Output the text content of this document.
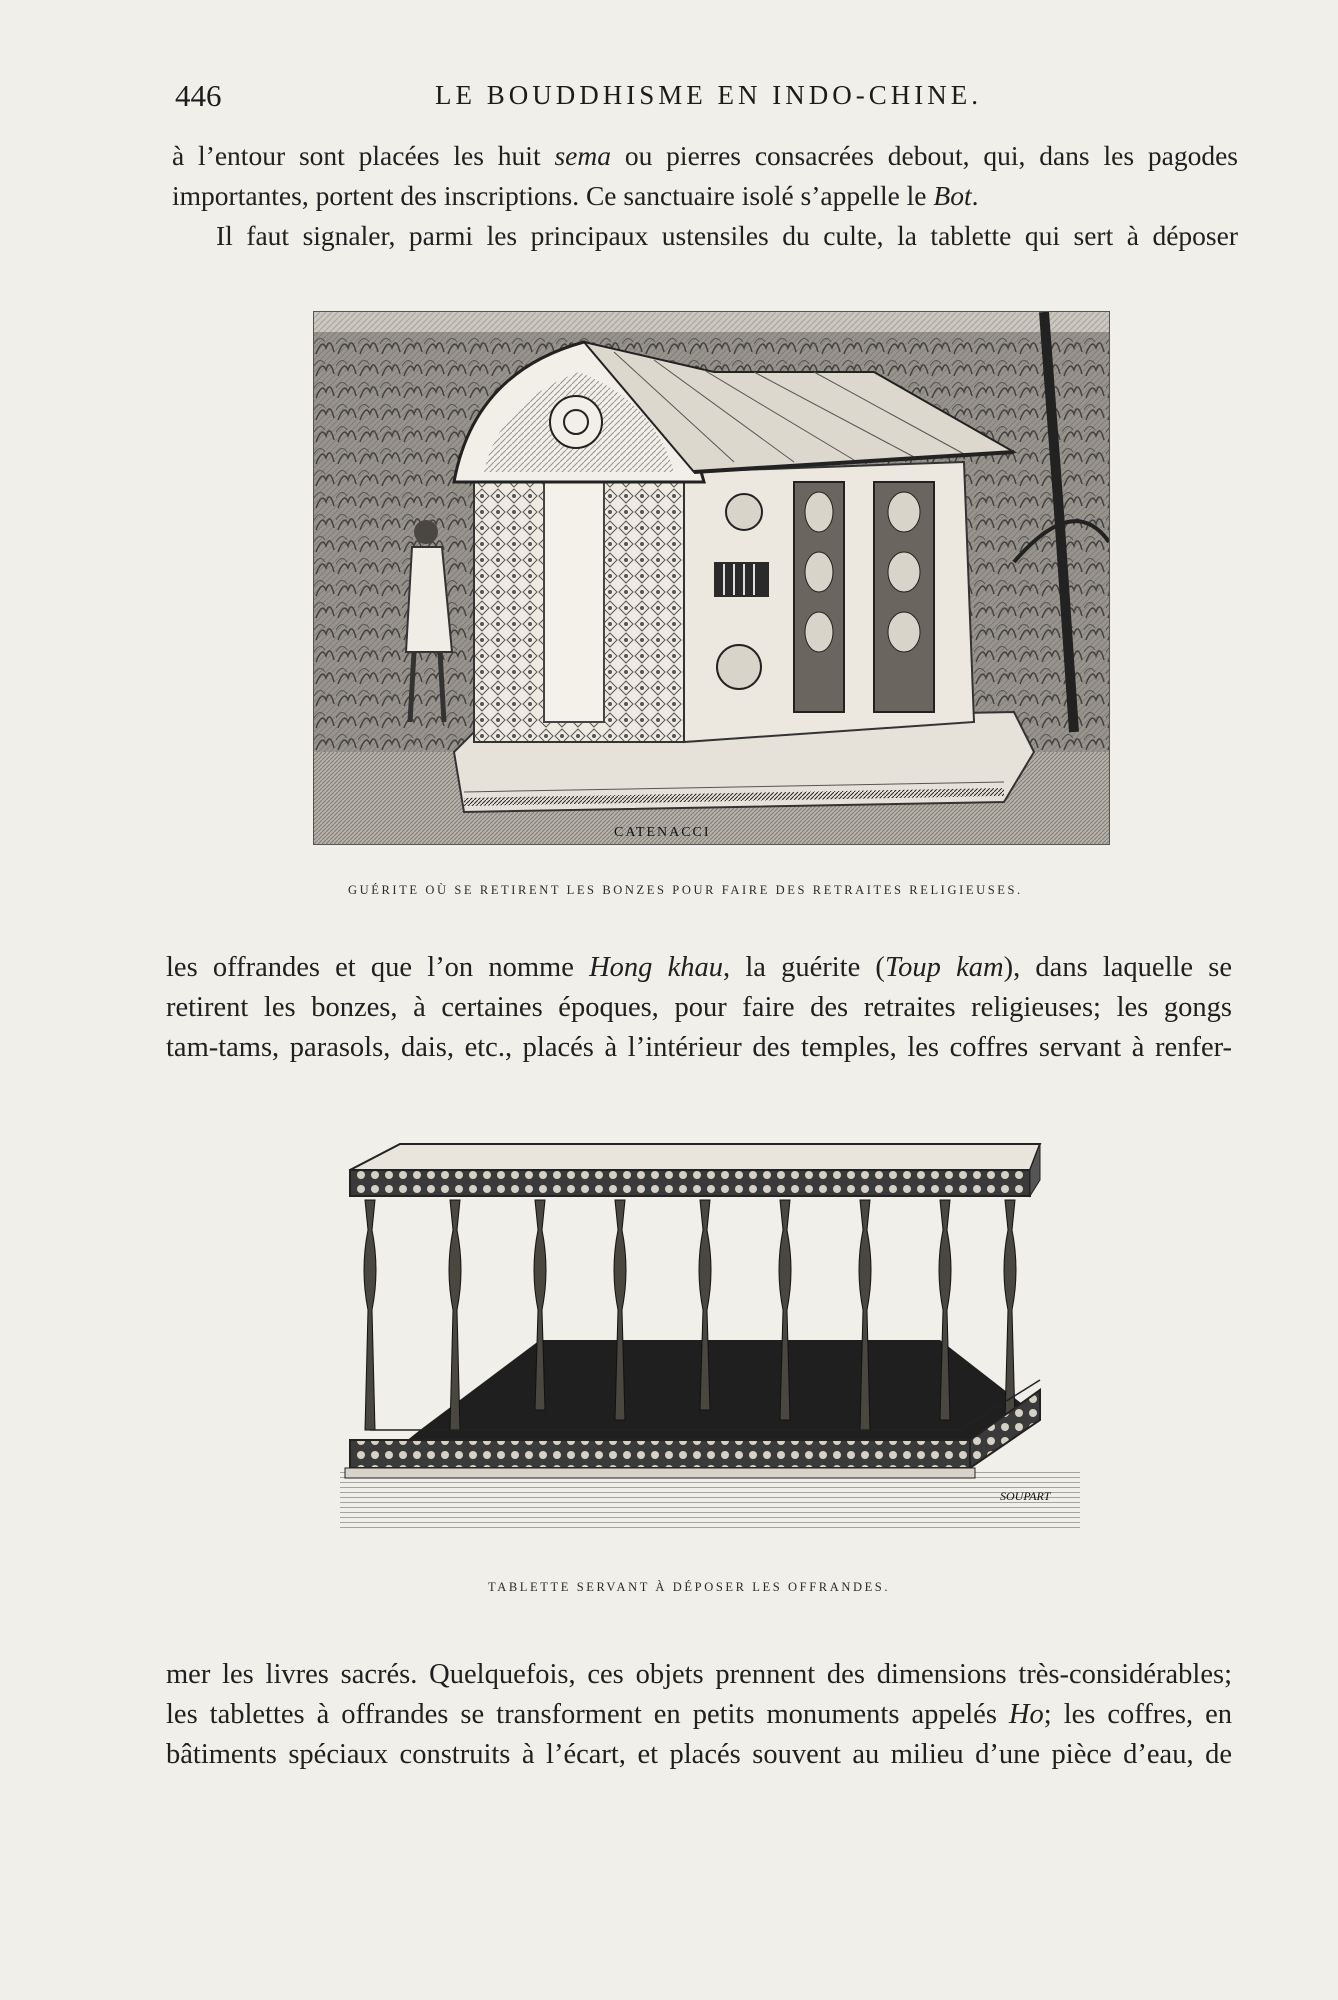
446	LE BOUDDHISME EN INDO-CHINE.
à l’entour sont placées les huit sema ou pierres consacrées debout, qui, dans les pagodes
importantes, portent des inscriptions. Ce sanctuaire isolé s’appelle le Bot.
Il faut signaler, parmi les principaux ustensiles du culte, la tablette qui sert à déposer
CATENACCI
GUÉRITE OÙ SE RETIRENT LES BONZES POUR FAIRE DES RETRAITES RELIGIEUSES.
les offrandes et que l’on nomme Hong khau, la guérite (Toup kam), dans laquelle se
retirent les bonzes, à certaines époques, pour faire des retraites religieuses; les gongs
tam-tams, parasols, dais, etc., placés à l’intérieur des temples, les coffres servant à renfer-
SOUPART
TABLETTE SERVANT À DÉPOSER LES OFFRANDES.
mer les livres sacrés. Quelquefois, ces objets prennent des dimensions très-considérables;
les tablettes à offrandes se transforment en petits monuments appelés Ho; les coffres, en
bâtiments spéciaux construits à l’écart, et placés souvent au milieu d’une pièce d’eau, de
